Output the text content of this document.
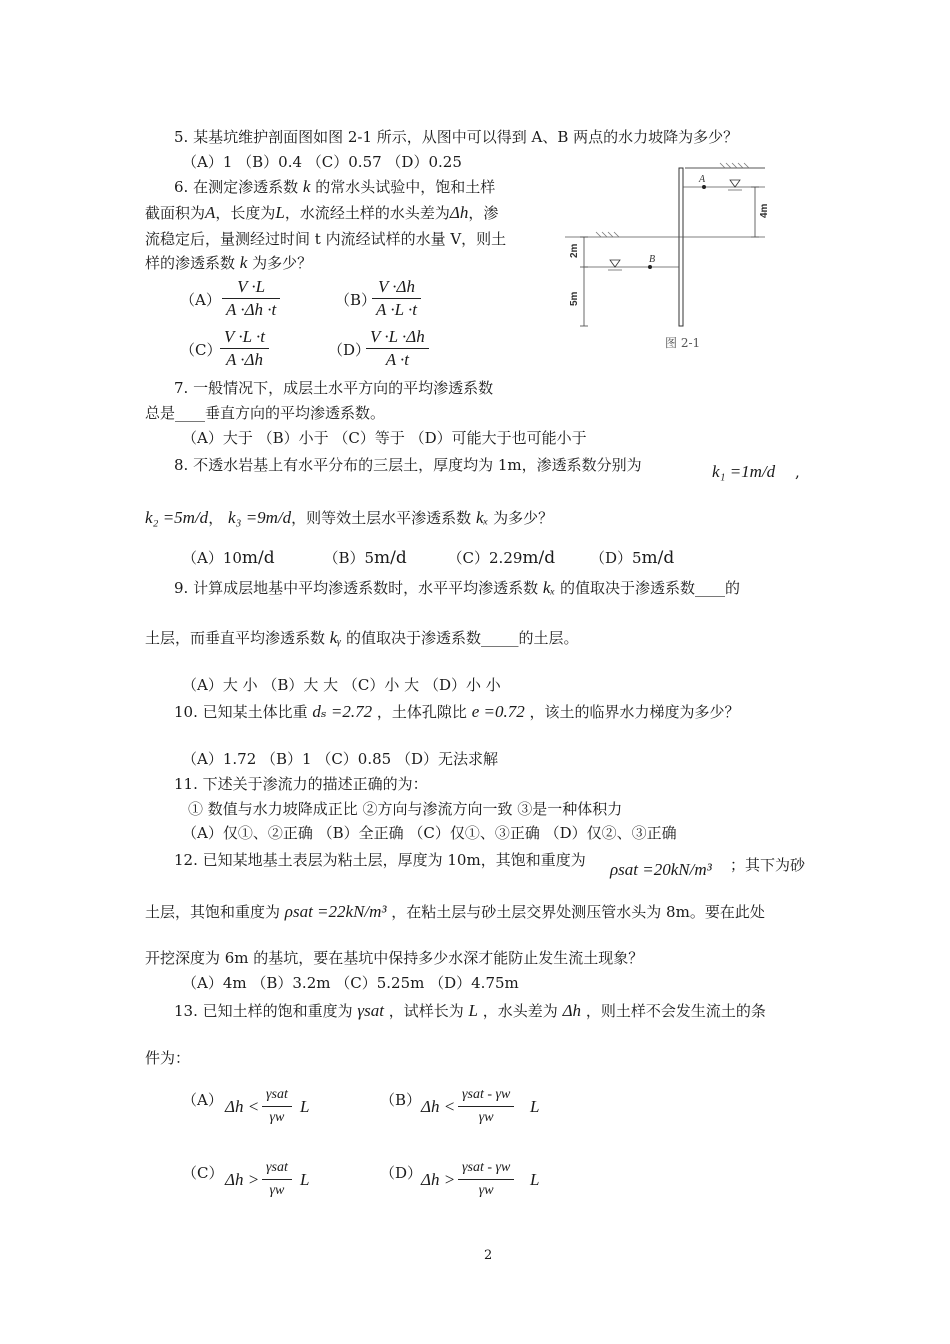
5. 某基坑维护剖面图如图 2-1 所示，从图中可以得到 A、B 两点的水力坡降为多少？
（A）1 （B）0.4 （C）0.57 （D）0.25
6. 在测定渗透系数 k 的常水头试验中，饱和土样
截面积为A，长度为L，水流经土样的水头差为Δh，渗
流稳定后，量测经过时间 t 内流经试样的水量 V，则土
样的渗透系数 k 为多少？
$(A) \frac{V \cdot L}{A \cdot\Delta h \cdot t}$	（B）
$\frac{V \cdot\Delta h}{A \cdot L \cdot t}$
（C）
$\frac{V \cdot L \cdot t}{A \cdot\Delta h}$	（D）
$\frac{V \cdot L \cdot\Delta h}{A \cdot t}$
A
4m
B
2m
5m
图 2-1
7. 一般情况下，成层土水平方向的平均渗透系数
总是____垂直方向的平均渗透系数。
（A）大于 （B）小于 （C）等于 （D）可能大于也可能小于
8. 不透水岩基上有水平分布的三层土，厚度均为 1m，渗透系数分别为	k₁ =1m/d ,
k₂ =5m/d， k₃ =9m/d，则等效土层水平渗透系数 kₓ 为多少？
（A）10m/d	（B）5m/d	（C）2.29m/d （D）5m/d
9. 计算成层地基中平均渗透系数时，水平平均渗透系数 kₓ 的值取决于渗透系数____的
土层，而垂直平均渗透系数 kᵧ 的值取决于渗透系数_____的土层。
（A）大 小 （B）大 大 （C）小 大 （D）小 小
10. 已知某土体比重 dₛ =2.72 ，土体孔隙比 e =0.72 ，该土的临界水力梯度为多少？
（A）1.72 （B）1 （C）0.85 （D）无法求解
11. 下述关于渗流力的描述正确的为：
① 数值与水力坡降成正比 ②方向与渗流方向一致 ③是一种体积力
（A）仅①、②正确 （B）全正确 （C）仅①、③正确 （D）仅②、③正确
12. 已知某地基土表层为粘土层，厚度为 10m，其饱和重度为 ρsat =20kN/m³ ；其下为砂
土层，其饱和重度为 ρsat =22kN/m³ ，在粘土层与砂土层交界处测压管水头为 8m。要在此处
开挖深度为 6m 的基坑，要在基坑中保持多少水深才能防止发生流土现象？
（A）4m （B）3.2m （C）5.25m （D）4.75m
13. 已知土样的饱和重度为 γsat ，试样长为 L ，水头差为 Δh ，则土样不会发生流土的条
件为：
（A） Δh <
γsat
γw
L	（B） Δh <
γsat - γw
γw
L
（C） Δh >
γsat
γw
L	（D）
Δh >
γsat - γw
γw
L
2
